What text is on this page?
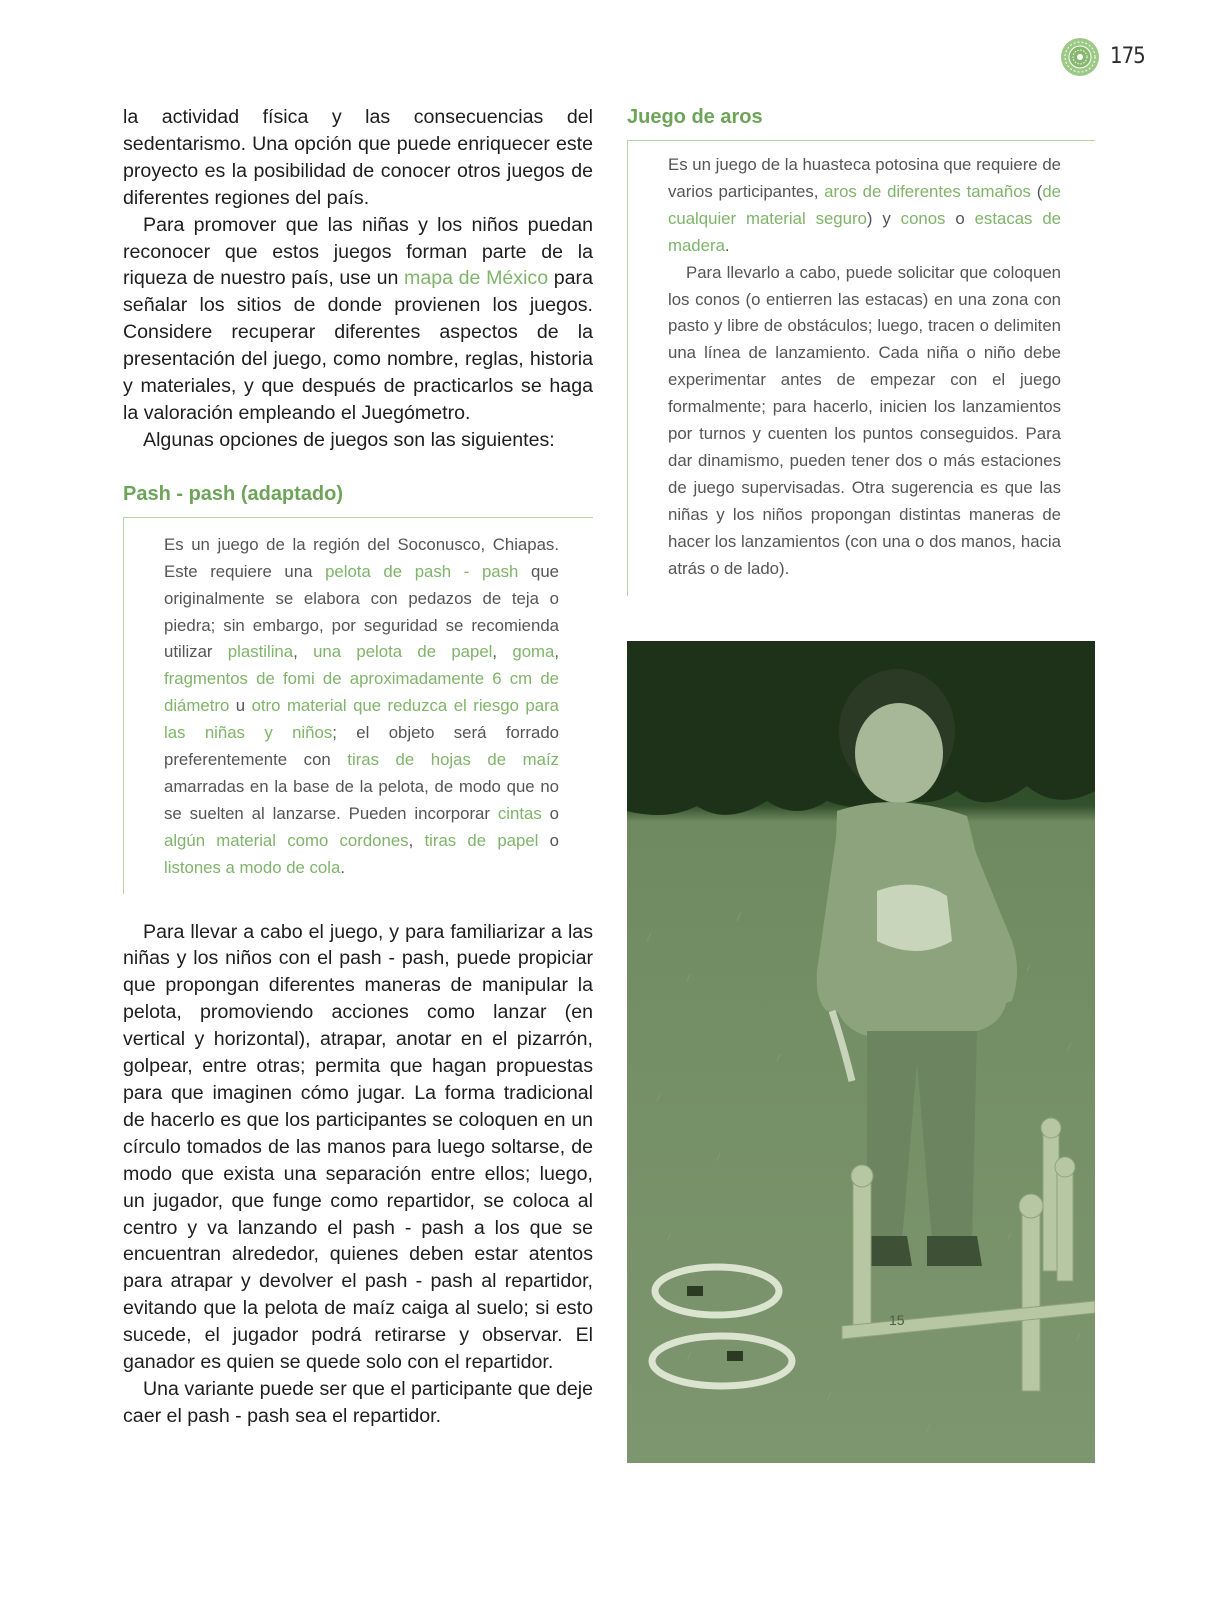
175

la actividad física y las consecuencias del sedentarismo. Una opción que puede enriquecer este proyecto es la posibilidad de conocer otros juegos de diferentes regiones del país.

Para promover que las niñas y los niños puedan reconocer que estos juegos forman parte de la riqueza de nuestro país, use un mapa de México para señalar los sitios de donde provienen los juegos. Considere recuperar diferentes aspectos de la presentación del juego, como nombre, reglas, historia y materiales, y que después de practicarlos se haga la valoración empleando el Juegómetro.

Algunas opciones de juegos son las siguientes:

Pash - pash (adaptado)

Es un juego de la región del Soconusco, Chiapas. Este requiere una pelota de pash - pash que originalmente se elabora con pedazos de teja o piedra; sin embargo, por seguridad se recomienda utilizar plastilina, una pelota de papel, goma, fragmentos de fomi de aproximadamente 6 cm de diámetro u otro material que reduzca el riesgo para las niñas y niños; el objeto será forrado preferentemente con tiras de hojas de maíz amarradas en la base de la pelota, de modo que no se suelten al lanzarse. Pueden incorporar cintas o algún material como cordones, tiras de papel o listones a modo de cola.

Para llevar a cabo el juego, y para familiarizar a las niñas y los niños con el pash - pash, puede propiciar que propongan diferentes maneras de manipular la pelota, promoviendo acciones como lanzar (en vertical y horizontal), atrapar, anotar en el pizarrón, golpear, entre otras; permita que hagan propuestas para que imaginen cómo jugar. La forma tradicional de hacerlo es que los participantes se coloquen en un círculo tomados de las manos para luego soltarse, de modo que exista una separación entre ellos; luego, un jugador, que funge como repartidor, se coloca al centro y va lanzando el pash - pash a los que se encuentran alrededor, quienes deben estar atentos para atrapar y devolver el pash - pash al repartidor, evitando que la pelota de maíz caiga al suelo; si esto sucede, el jugador podrá retirarse y observar. El ganador es quien se quede solo con el repartidor.

Una variante puede ser que el participante que deje caer el pash - pash sea el repartidor.

Juego de aros

Es un juego de la huasteca potosina que requiere de varios participantes, aros de diferentes tamaños (de cualquier material seguro) y conos o estacas de madera.

Para llevarlo a cabo, puede solicitar que coloquen los conos (o entierren las estacas) en una zona con pasto y libre de obstáculos; luego, tracen o delimiten una línea de lanzamiento. Cada niña o niño debe experimentar antes de empezar con el juego formalmente; para hacerlo, inicien los lanzamientos por turnos y cuenten los puntos conseguidos. Para dar dinamismo, pueden tener dos o más estaciones de juego supervisadas. Otra sugerencia es que las niñas y los niños propongan distintas maneras de hacer los lanzamientos (con una o dos manos, hacia atrás o de lado).

15
